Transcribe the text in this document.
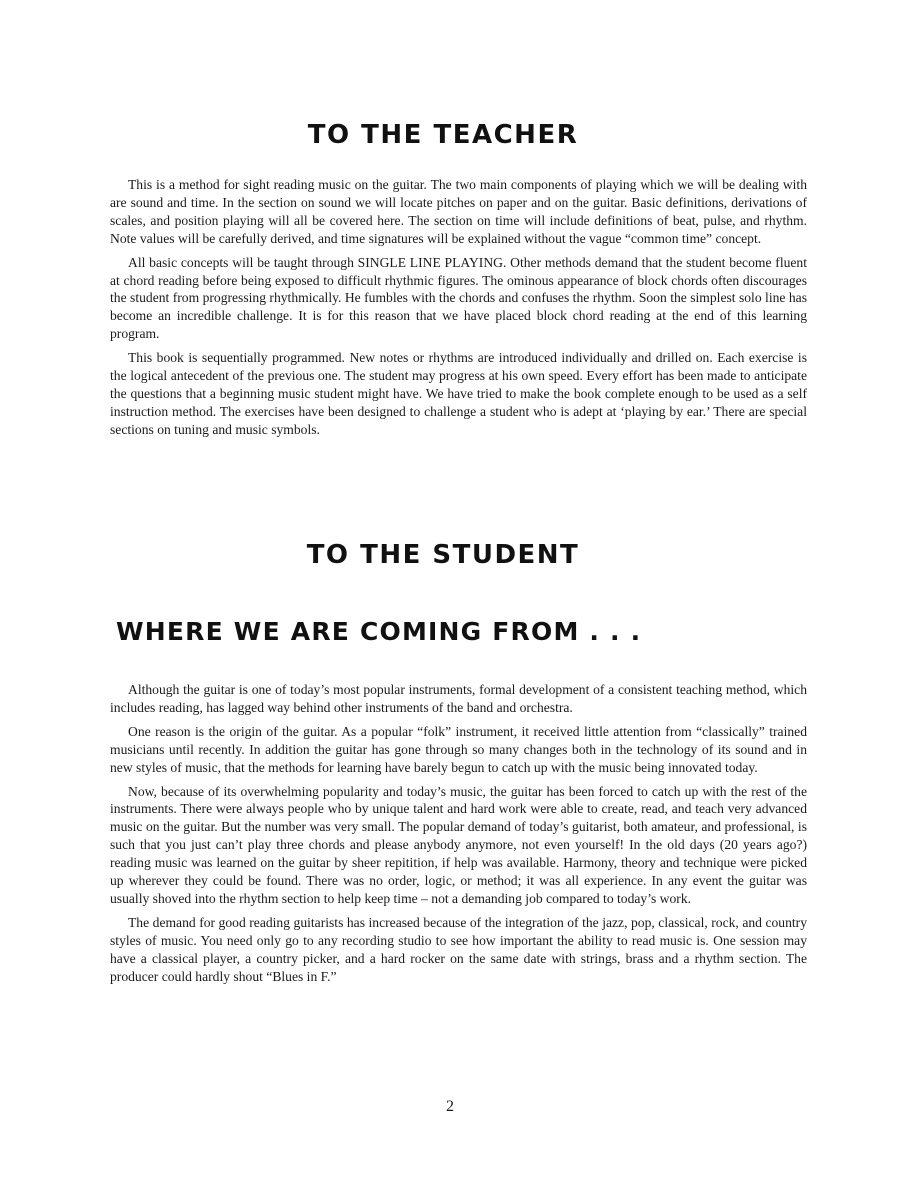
TO THE TEACHER

This is a method for sight reading music on the guitar. The two main components of playing which we will be dealing with are sound and time. In the section on sound we will locate pitches on paper and on the guitar. Basic definitions, derivations of scales, and position playing will all be covered here. The section on time will include definitions of beat, pulse, and rhythm. Note values will be carefully derived, and time signatures will be explained without the vague “common time” concept.

All basic concepts will be taught through SINGLE LINE PLAYING. Other methods demand that the student become fluent at chord reading before being exposed to difficult rhythmic figures. The ominous appearance of block chords often discourages the student from progressing rhythmically. He fumbles with the chords and confuses the rhythm. Soon the simplest solo line has become an incredible challenge. It is for this reason that we have placed block chord reading at the end of this learning program.

This book is sequentially programmed. New notes or rhythms are introduced individually and drilled on. Each exercise is the logical antecedent of the previous one. The student may progress at his own speed. Every effort has been made to anticipate the questions that a beginning music student might have. We have tried to make the book complete enough to be used as a self instruction method. The exercises have been designed to challenge a student who is adept at ‘playing by ear.’ There are special sections on tuning and music symbols.

TO THE STUDENT
WHERE WE ARE COMING FROM . . .

Although the guitar is one of today’s most popular instruments, formal development of a consistent teaching method, which includes reading, has lagged way behind other instruments of the band and orchestra.

One reason is the origin of the guitar. As a popular “folk” instrument, it received little attention from “classically” trained musicians until recently. In addition the guitar has gone through so many changes both in the technology of its sound and in new styles of music, that the methods for learning have barely begun to catch up with the music being innovated today.

Now, because of its overwhelming popularity and today’s music, the guitar has been forced to catch up with the rest of the instruments. There were always people who by unique talent and hard work were able to create, read, and teach very advanced music on the guitar. But the number was very small. The popular demand of today’s guitarist, both amateur, and professional, is such that you just can’t play three chords and please anybody anymore, not even yourself! In the old days (20 years ago?) reading music was learned on the guitar by sheer repitition, if help was available. Harmony, theory and technique were picked up wherever they could be found. There was no order, logic, or method; it was all experience. In any event the guitar was usually shoved into the rhythm section to help keep time – not a demanding job compared to today’s work.

The demand for good reading guitarists has increased because of the integration of the jazz, pop, classical, rock, and country styles of music. You need only go to any recording studio to see how important the ability to read music is. One session may have a classical player, a country picker, and a hard rocker on the same date with strings, brass and a rhythm section. The producer could hardly shout “Blues in F.”

2
